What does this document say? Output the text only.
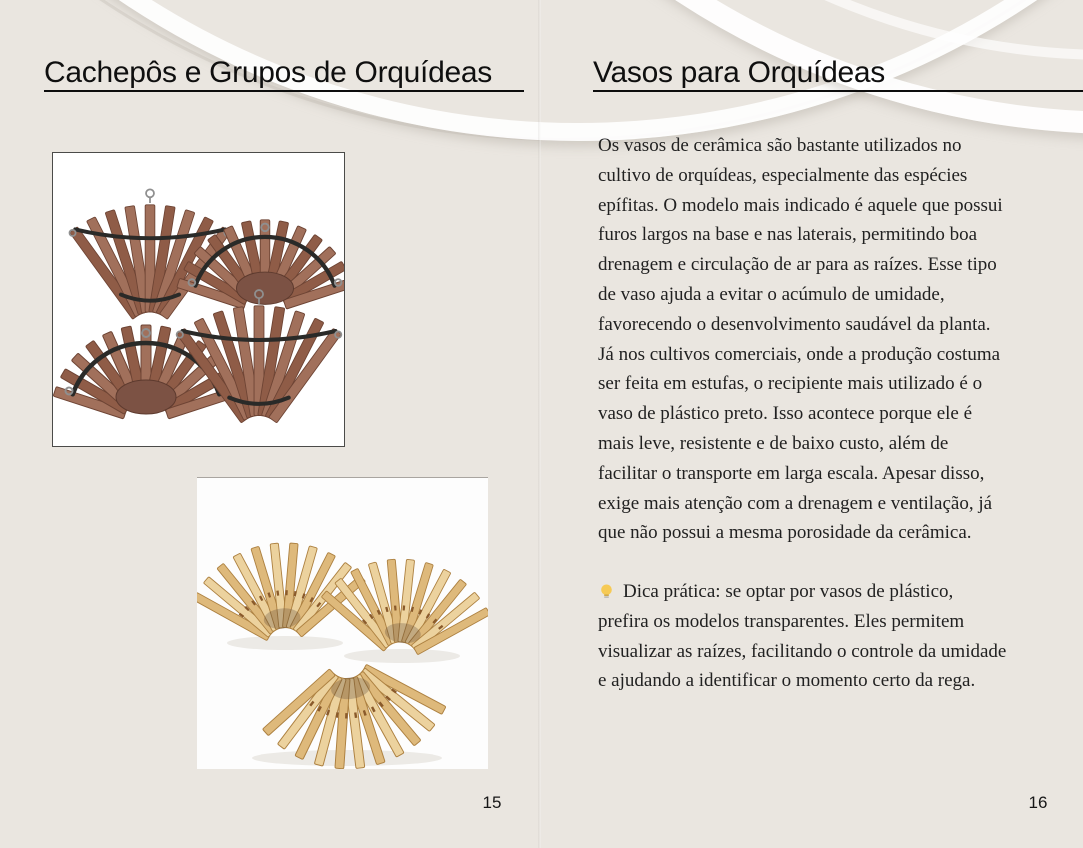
Cachepôs e Grupos de Orquídeas
15
Vasos para Orquídeas
Os vasos de cerâmica são bastante utilizados no
cultivo de orquídeas, especialmente das espécies
epífitas. O modelo mais indicado é aquele que possui
furos largos na base e nas laterais, permitindo boa
drenagem e circulação de ar para as raízes. Esse tipo
de vaso ajuda a evitar o acúmulo de umidade,
favorecendo o desenvolvimento saudável da planta.
Já nos cultivos comerciais, onde a produção costuma
ser feita em estufas, o recipiente mais utilizado é o
vaso de plástico preto. Isso acontece porque ele é
mais leve, resistente e de baixo custo, além de
facilitar o transporte em larga escala. Apesar disso,
exige mais atenção com a drenagem e ventilação, já
que não possui a mesma porosidade da cerâmica.
Dica prática: se optar por vasos de plástico,
prefira os modelos transparentes. Eles permitem
visualizar as raízes, facilitando o controle da umidade
e ajudando a identificar o momento certo da rega.
16
